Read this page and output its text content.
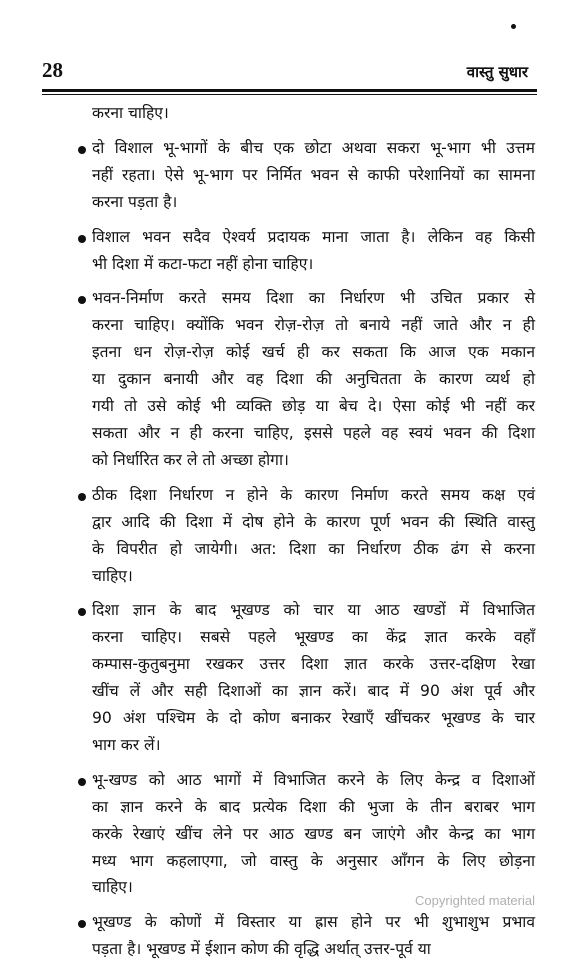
28	वास्तु सुधार
करना चाहिए।
दो विशाल भू-भागों के बीच एक छोटा अथवा सकरा भू-भाग भी उत्तम
नहीं रहता। ऐसे भू-भाग पर निर्मित भवन से काफी परेशानियों का सामना
करना पड़ता है।
विशाल भवन सदैव ऐश्वर्य प्रदायक माना जाता है। लेकिन वह किसी
भी दिशा में कटा-फटा नहीं होना चाहिए।
भवन-निर्माण करते समय दिशा का निर्धारण भी उचित प्रकार से
करना चाहिए। क्योंकि भवन रोज़-रोज़ तो बनाये नहीं जाते और न ही
इतना धन रोज़-रोज़ कोई खर्च ही कर सकता कि आज एक मकान
या दुकान बनायी और वह दिशा की अनुचितता के कारण व्यर्थ हो
गयी तो उसे कोई भी व्यक्ति छोड़ या बेच दे। ऐसा कोई भी नहीं कर
सकता और न ही करना चाहिए, इससे पहले वह स्वयं भवन की दिशा
को निर्धारित कर ले तो अच्छा होगा।
ठीक दिशा निर्धारण न होने के कारण निर्माण करते समय कक्ष एवं
द्वार आदि की दिशा में दोष होने के कारण पूर्ण भवन की स्थिति वास्तु
के विपरीत हो जायेगी। अत: दिशा का निर्धारण ठीक ढंग से करना
चाहिए।
दिशा ज्ञान के बाद भूखण्ड को चार या आठ खण्डों में विभाजित
करना चाहिए। सबसे पहले भूखण्ड का केंद्र ज्ञात करके वहाँ
कम्पास-कुतुबनुमा रखकर उत्तर दिशा ज्ञात करके उत्तर-दक्षिण रेखा
खींच लें और सही दिशाओं का ज्ञान करें। बाद में 90 अंश पूर्व और
90 अंश पश्चिम के दो कोण बनाकर रेखाएँ खींचकर भूखण्ड के चार
भाग कर लें।
भू-खण्ड को आठ भागों में विभाजित करने के लिए केन्द्र व दिशाओं
का ज्ञान करने के बाद प्रत्येक दिशा की भुजा के तीन बराबर भाग
करके रेखाएं खींच लेने पर आठ खण्ड बन जाएंगे और केन्द्र का भाग
मध्य भाग कहलाएगा, जो वास्तु के अनुसार आँगन के लिए छोड़ना
चाहिए।
भूखण्ड के कोणों में विस्तार या ह्रास होने पर भी शुभाशुभ प्रभाव
पड़ता है। भूखण्ड में ईशान कोण की वृद्धि अर्थात् उत्तर-पूर्व या
Copyrighted material
